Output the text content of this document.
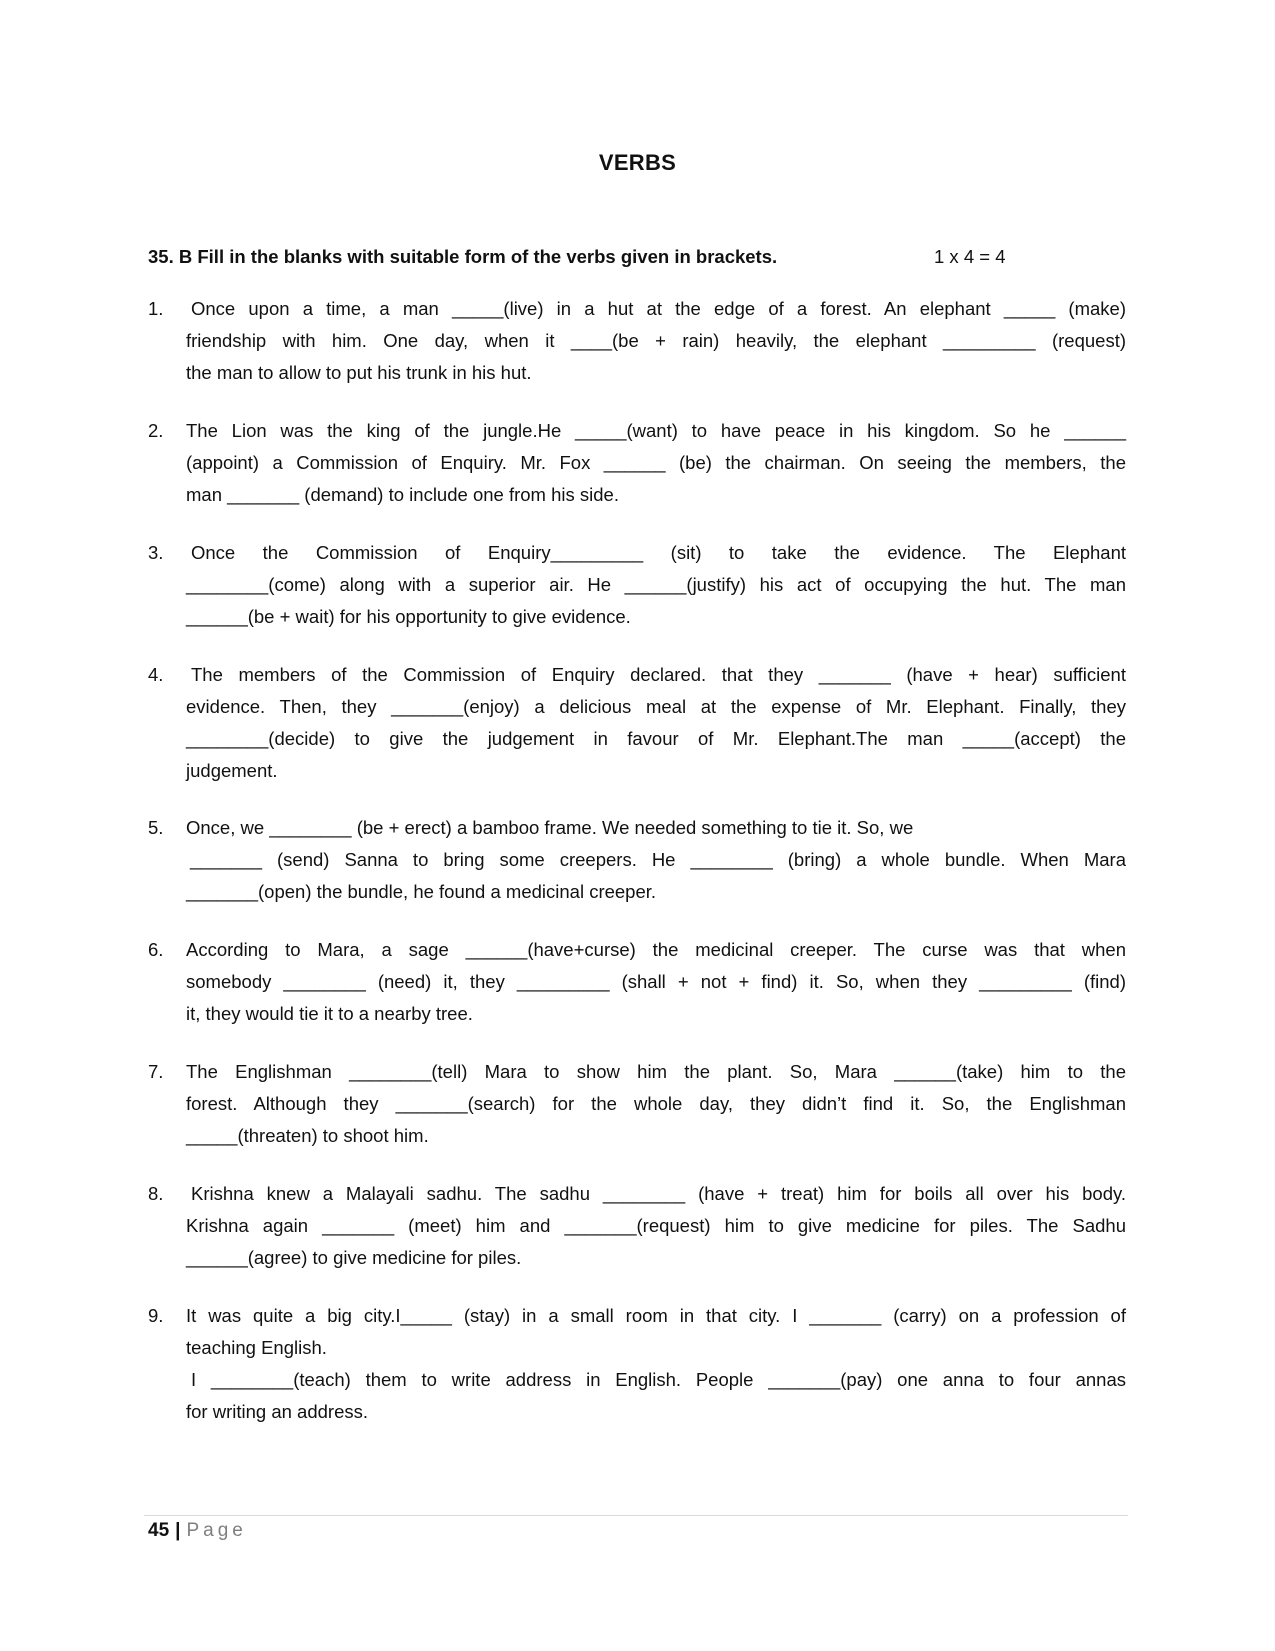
VERBS
35. B Fill in the blanks with suitable form of the verbs given in brackets.	1 x 4 = 4
1.	Once upon a time, a man _____(live) in a hut at the edge of a forest. An elephant _____ (make)
friendship with him. One day, when it ____(be + rain) heavily, the elephant _________ (request)
the man to allow to put his trunk in his hut.
2.	The Lion was the king of the jungle.He _____(want) to have peace in his kingdom. So he ______
(appoint) a Commission of Enquiry. Mr. Fox ______ (be) the chairman. On seeing the members, the
man _______ (demand) to include one from his side.
3.	Once the Commission of Enquiry_________ (sit) to take the evidence. The Elephant
________(come) along with a superior air. He ______(justify) his act of occupying the hut. The man
______(be + wait) for his opportunity to give evidence.
4.	The members of the Commission of Enquiry declared. that they _______ (have + hear) sufficient
evidence. Then, they _______(enjoy) a delicious meal at the expense of Mr. Elephant. Finally, they
________(decide) to give the judgement in favour of Mr. Elephant.The man _____(accept) the
judgement.
5.	Once, we ________ (be + erect) a bamboo frame. We needed something to tie it. So, we
_______ (send) Sanna to bring some creepers. He ________ (bring) a whole bundle. When Mara
_______(open) the bundle, he found a medicinal creeper.
6.	According to Mara, a sage ______(have+curse) the medicinal creeper. The curse was that when
somebody ________ (need) it, they _________ (shall + not + find) it. So, when they _________ (find)
it, they would tie it to a nearby tree.
7.	The Englishman ________(tell) Mara to show him the plant. So, Mara ______(take) him to the
forest. Although they _______(search) for the whole day, they didn’t find it. So, the Englishman
_____(threaten) to shoot him.
8.	Krishna knew a Malayali sadhu. The sadhu ________ (have + treat) him for boils all over his body.
Krishna again _______ (meet) him and _______(request) him to give medicine for piles. The Sadhu
______(agree) to give medicine for piles.
9.	It was quite a big city.I_____ (stay) in a small room in that city. I _______ (carry) on a profession of
teaching English.
I ________(teach) them to write address in English. People _______(pay) one anna to four annas
for writing an address.
45 | Page
